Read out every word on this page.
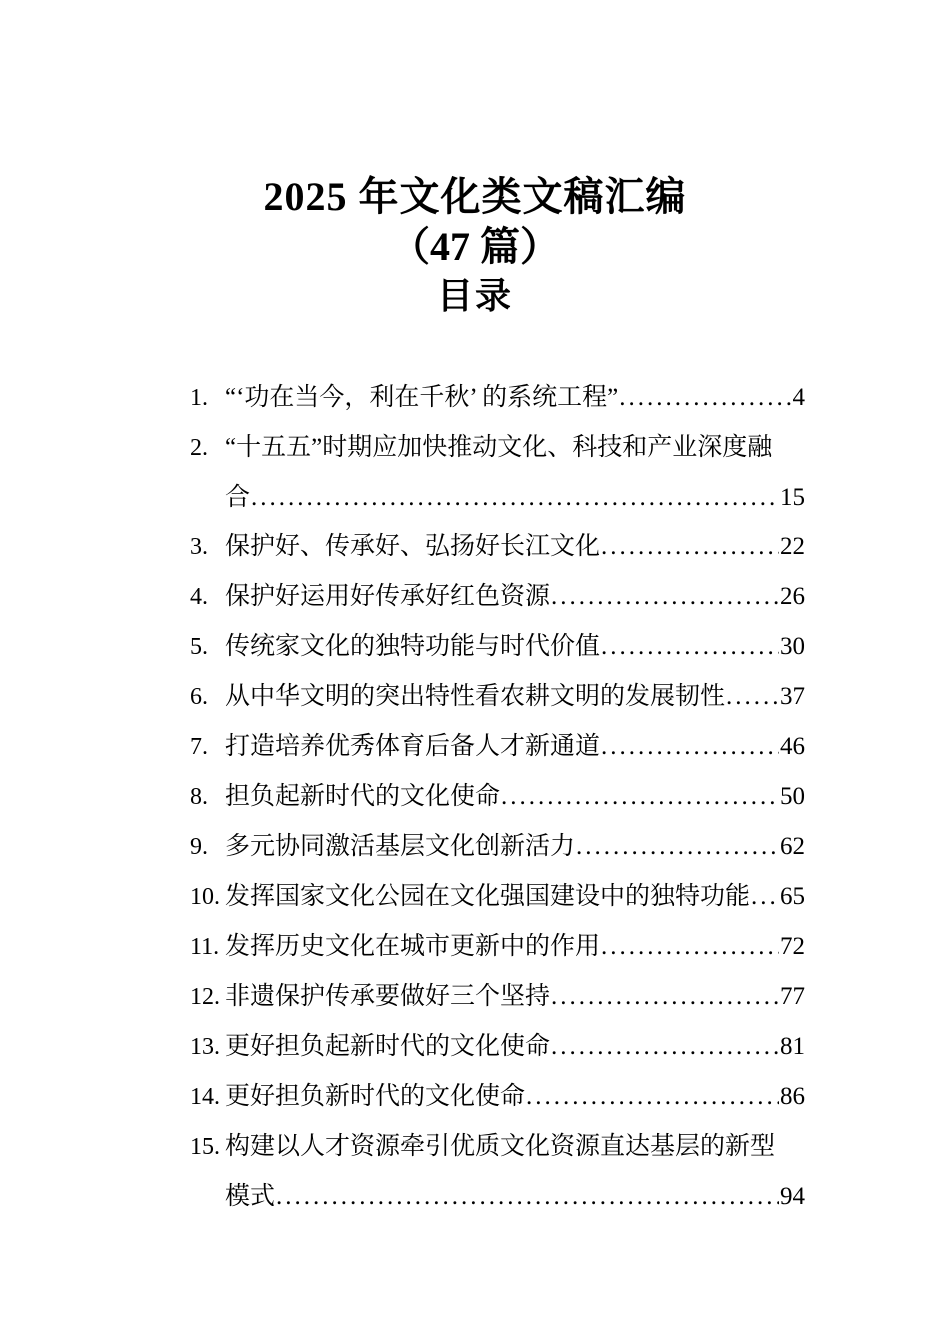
2025 年文化类文稿汇编
（47 篇）
目录
1. “‘功在当今，利在千秋’ 的系统工程” .....	4
2. “十五五”时期应加快推动文化、科技和产业深度融
合 .....	15
3. 保护好、传承好、弘扬好长江文化 .....	22
4. 保护好运用好传承好红色资源 .....	26
5. 传统家文化的独特功能与时代价值 .....	30
6. 从中华文明的突出特性看农耕文明的发展韧性 ..... 37
7. 打造培养优秀体育后备人才新通道 .....	46
8. 担负起新时代的文化使命 .....	50
9. 多元协同激活基层文化创新活力 .....	62
10. 发挥国家文化公园在文化强国建设中的独特功能 ..... 65
11. 发挥历史文化在城市更新中的作用 .....	72
12. 非遗保护传承要做好三个坚持 .....	77
13. 更好担负起新时代的文化使命 .....	81
14. 更好担负新时代的文化使命 .....	86
15. 构建以人才资源牵引优质文化资源直达基层的新型
模式 .....	94
